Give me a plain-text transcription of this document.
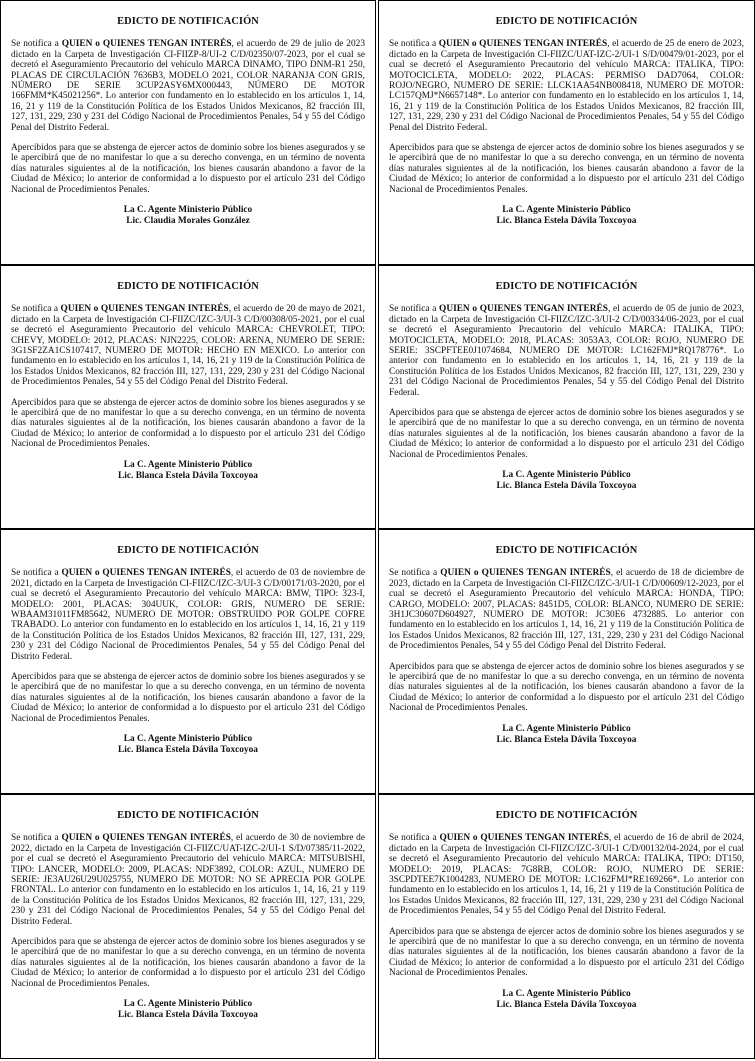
EDICTO DE NOTIFICACIÓN

Se notifica a QUIEN o QUIENES TENGAN INTERÉS, el acuerdo de 29 de julio de 2023 dictado en la Carpeta de Investigación CI-FIIZP-8/UI-2 C/D/02350/07-2023, por el cual se decretó el Aseguramiento Precautorio del vehículo MARCA DINAMO, TIPO DNM-R1 250, PLACAS DE CIRCULACIÓN 7636B3, MODELO 2021, COLOR NARANJA CON GRIS, NÚMERO DE SERIE 3CUP2ASY6MX000443, NÚMERO DE MOTOR 166FMM*K45021256*. Lo anterior con fundamento en lo establecido en los artículos 1, 14, 16, 21 y 119 de la Constitución Política de los Estados Unidos Mexicanos, 82 fracción III, 127, 131, 229, 230 y 231 del Código Nacional de Procedimientos Penales, 54 y 55 del Código Penal del Distrito Federal.

Apercibidos para que se abstenga de ejercer actos de dominio sobre los bienes asegurados y se le apercibirá que de no manifestar lo que a su derecho convenga, en un término de noventa días naturales siguientes al de la notificación, los bienes causarán abandono a favor de la Ciudad de México; lo anterior de conformidad a lo dispuesto por el artículo 231 del Código Nacional de Procedimientos Penales.

La C. Agente Ministerio Público

Lic. Claudia Morales González

EDICTO DE NOTIFICACIÓN

Se notifica a QUIEN o QUIENES TENGAN INTERÉS, el acuerdo de 25 de enero de 2023, dictado en la Carpeta de Investigación CI-FIIZC/UAT-IZC-2/UI-1 S/D/00479/01-2023, por el cual se decretó el Aseguramiento Precautorio del vehículo MARCA: ITALIKA, TIPO: MOTOCICLETA, MODELO: 2022, PLACAS: PERMISO DAD7064, COLOR: ROJO/NEGRO, NUMERO DE SERIE: LLCK1AA54NB008418, NUMERO DE MOTOR: LC157QMJ*N6657148*. Lo anterior con fundamento en lo establecido en los artículos 1, 14, 16, 21 y 119 de la Constitución Política de los Estados Unidos Mexicanos, 82 fracción III, 127, 131, 229, 230 y 231 del Código Nacional de Procedimientos Penales, 54 y 55 del Código Penal del Distrito Federal.

Apercibidos para que se abstenga de ejercer actos de dominio sobre los bienes asegurados y se le apercibirá que de no manifestar lo que a su derecho convenga, en un término de noventa días naturales siguientes al de la notificación, los bienes causarán abandono a favor de la Ciudad de México; lo anterior de conformidad a lo dispuesto por el artículo 231 del Código Nacional de Procedimientos Penales.

La C. Agente Ministerio Público

Lic. Blanca Estela Dávila Toxcoyoa

EDICTO DE NOTIFICACIÓN

Se notifica a QUIEN o QUIENES TENGAN INTERÉS, el acuerdo de 20 de mayo de 2021, dictado en la Carpeta de Investigación CI-FIIZC/IZC-3/UI-3 C/D/00308/05-2021, por el cual se decretó el Aseguramiento Precautorio del vehículo MARCA: CHEVROLET, TIPO: CHEVY, MODELO: 2012, PLACAS: NJN2225, COLOR: ARENA, NUMERO DE SERIE: 3G1SF2ZA1CS107417, NUMERO DE MOTOR: HECHO EN MEXICO. Lo anterior con fundamento en lo establecido en los artículos 1, 14, 16, 21 y 119 de la Constitución Política de los Estados Unidos Mexicanos, 82 fracción III, 127, 131, 229, 230 y 231 del Código Nacional de Procedimientos Penales, 54 y 55 del Código Penal del Distrito Federal.

Apercibidos para que se abstenga de ejercer actos de dominio sobre los bienes asegurados y se le apercibirá que de no manifestar lo que a su derecho convenga, en un término de noventa días naturales siguientes al de la notificación, los bienes causarán abandono a favor de la Ciudad de México; lo anterior de conformidad a lo dispuesto por el artículo 231 del Código Nacional de Procedimientos Penales.

La C. Agente Ministerio Público

Lic. Blanca Estela Dávila Toxcoyoa

EDICTO DE NOTIFICACIÓN

Se notifica a QUIEN o QUIENES TENGAN INTERÉS, el acuerdo de 05 de junio de 2023, dictado en la Carpeta de Investigación CI-FIIZC/IZC-3/UI-2 C/D/00334/06-2023, por el cual se decretó el Aseguramiento Precautorio del vehículo MARCA: ITALIKA, TIPO: MOTOCICLETA, MODELO: 2018, PLACAS: 3053A3, COLOR: ROJO, NUMERO DE SERIE: 3SCPFTEE0J1074684, NUMERO DE MOTOR: LC162FMJ*RQ178776*. Lo anterior con fundamento en lo establecido en los artículos 1, 14, 16, 21 y 119 de la Constitución Política de los Estados Unidos Mexicanos, 82 fracción III, 127, 131, 229, 230 y 231 del Código Nacional de Procedimientos Penales, 54 y 55 del Código Penal del Distrito Federal.

Apercibidos para que se abstenga de ejercer actos de dominio sobre los bienes asegurados y se le apercibirá que de no manifestar lo que a su derecho convenga, en un término de noventa días naturales siguientes al de la notificación, los bienes causarán abandono a favor de la Ciudad de México; lo anterior de conformidad a lo dispuesto por el artículo 231 del Código Nacional de Procedimientos Penales.

La C. Agente Ministerio Público

Lic. Blanca Estela Dávila Toxcoyoa

EDICTO DE NOTIFICACIÓN

Se notifica a QUIEN o QUIENES TENGAN INTERÉS, el acuerdo de 03 de noviembre de 2021, dictado en la Carpeta de Investigación CI-FIIZC/IZC-3/UI-3 C/D/00171/03-2020, por el cual se decretó el Aseguramiento Precautorio del vehículo MARCA: BMW, TIPO: 323-I, MODELO: 2001, PLACAS: 304UUK, COLOR: GRIS, NUMERO DE SERIE: WBAAM31011FM85642, NUMERO DE MOTOR: OBSTRUIDO POR GOLPE COFRE TRABADO. Lo anterior con fundamento en lo establecido en los artículos 1, 14, 16, 21 y 119 de la Constitución Política de los Estados Unidos Mexicanos, 82 fracción III, 127, 131, 229, 230 y 231 del Código Nacional de Procedimientos Penales, 54 y 55 del Código Penal del Distrito Federal.

Apercibidos para que se abstenga de ejercer actos de dominio sobre los bienes asegurados y se le apercibirá que de no manifestar lo que a su derecho convenga, en un término de noventa días naturales siguientes al de la notificación, los bienes causarán abandono a favor de la Ciudad de México; lo anterior de conformidad a lo dispuesto por el artículo 231 del Código Nacional de Procedimientos Penales.

La C. Agente Ministerio Público

Lic. Blanca Estela Dávila Toxcoyoa

EDICTO DE NOTIFICACIÓN

Se notifica a QUIEN o QUIENES TENGAN INTERÉS, el acuerdo de 18 de diciembre de 2023, dictado en la Carpeta de Investigación CI-FIIZC/IZC-3/UI-1 C/D/00609/12-2023, por el cual se decretó el Aseguramiento Precautorio del vehículo MARCA: HONDA, TIPO: CARGO, MODELO: 2007, PLACAS: 8451D5, COLOR: BLANCO, NUMERO DE SERIE: 3H1JC30607D604927, NUMERO DE MOTOR: JC30E6 4732885. Lo anterior con fundamento en lo establecido en los artículos 1, 14, 16, 21 y 119 de la Constitución Política de los Estados Unidos Mexicanos, 82 fracción III, 127, 131, 229, 230 y 231 del Código Nacional de Procedimientos Penales, 54 y 55 del Código Penal del Distrito Federal.

Apercibidos para que se abstenga de ejercer actos de dominio sobre los bienes asegurados y se le apercibirá que de no manifestar lo que a su derecho convenga, en un término de noventa días naturales siguientes al de la notificación, los bienes causarán abandono a favor de la Ciudad de México; lo anterior de conformidad a lo dispuesto por el artículo 231 del Código Nacional de Procedimientos Penales.

La C. Agente Ministerio Público

Lic. Blanca Estela Dávila Toxcoyoa

EDICTO DE NOTIFICACIÓN

Se notifica a QUIEN o QUIENES TENGAN INTERÉS, el acuerdo de 30 de noviembre de 2022, dictado en la Carpeta de Investigación CI-FIIZC/UAT-IZC-2/UI-1 S/D/07385/11-2022, por el cual se decretó el Aseguramiento Precautorio del vehículo MARCA: MITSUBISHI, TIPO: LANCER, MODELO: 2009, PLACAS: NDF3892, COLOR: AZUL, NUMERO DE SERIE: JE3AU26U29U025755, NUMERO DE MOTOR: NO SE APRECIA POR GOLPE FRONTAL. Lo anterior con fundamento en lo establecido en los artículos 1, 14, 16, 21 y 119 de la Constitución Política de los Estados Unidos Mexicanos, 82 fracción III, 127, 131, 229, 230 y 231 del Código Nacional de Procedimientos Penales, 54 y 55 del Código Penal del Distrito Federal.

Apercibidos para que se abstenga de ejercer actos de dominio sobre los bienes asegurados y se le apercibirá que de no manifestar lo que a su derecho convenga, en un término de noventa días naturales siguientes al de la notificación, los bienes causarán abandono a favor de la Ciudad de México; lo anterior de conformidad a lo dispuesto por el artículo 231 del Código Nacional de Procedimientos Penales.

La C. Agente Ministerio Público

Lic. Blanca Estela Dávila Toxcoyoa

EDICTO DE NOTIFICACIÓN

Se notifica a QUIEN o QUIENES TENGAN INTERÉS, el acuerdo de 16 de abril de 2024, dictado en la Carpeta de Investigación CI-FIIZC/IZC-3/UI-1 C/D/00132/04-2024, por el cual se decretó el Aseguramiento Precautorio del vehículo MARCA: ITALIKA, TIPO: DT150, MODELO: 2019, PLACAS: 7G8RB, COLOR: ROJO, NUMERO DE SERIE: 3SCPDTEE7K1004283, NUMERO DE MOTOR: LC162FMJ*RE169266*. Lo anterior con fundamento en lo establecido en los artículos 1, 14, 16, 21 y 119 de la Constitución Política de los Estados Unidos Mexicanos, 82 fracción III, 127, 131, 229, 230 y 231 del Código Nacional de Procedimientos Penales, 54 y 55 del Código Penal del Distrito Federal.

Apercibidos para que se abstenga de ejercer actos de dominio sobre los bienes asegurados y se le apercibirá que de no manifestar lo que a su derecho convenga, en un término de noventa días naturales siguientes al de la notificación, los bienes causarán abandono a favor de la Ciudad de México; lo anterior de conformidad a lo dispuesto por el artículo 231 del Código Nacional de Procedimientos Penales.

La C. Agente Ministerio Público

Lic. Blanca Estela Dávila Toxcoyoa
